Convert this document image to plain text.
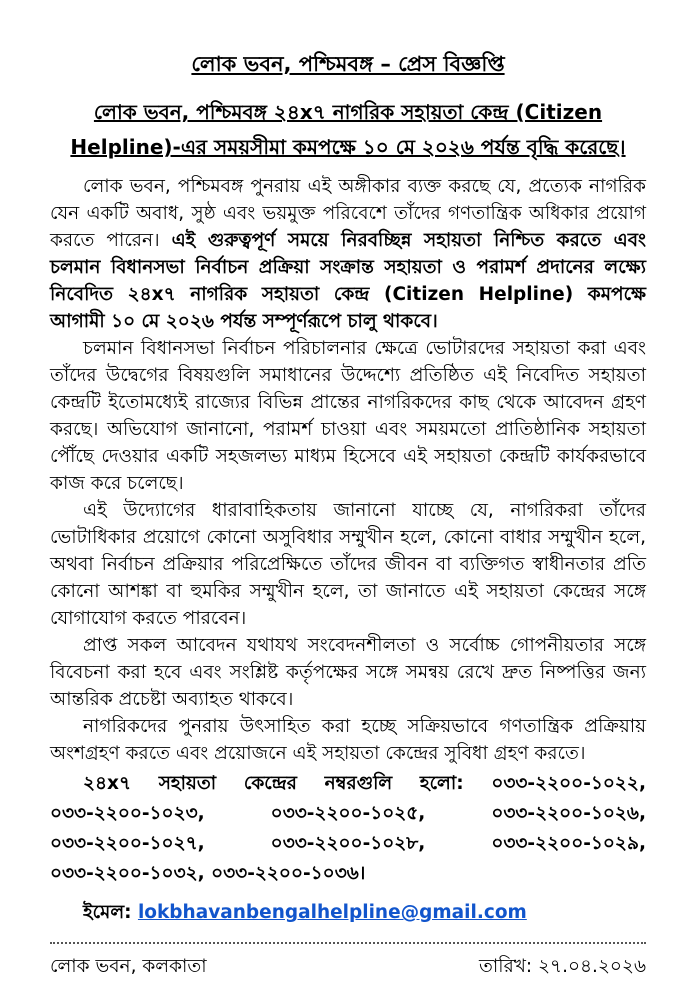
লোক ভবন, পশ্চিমবঙ্গ – প্রেস বিজ্ঞপ্তি
লোক ভবন, পশ্চিমবঙ্গ ২৪x৭ নাগরিক সহায়তা কেন্দ্র (Citizen Helpline)-এর সময়সীমা কমপক্ষে ১০ মে ২০২৬ পর্যন্ত বৃদ্ধি করেছে।
লোক ভবন, পশ্চিমবঙ্গ পুনরায় এই অঙ্গীকার ব্যক্ত করছে যে, প্রত্যেক নাগরিক যেন একটি অবাধ, সুষ্ঠ এবং ভয়মুক্ত পরিবেশে তাঁদের গণতান্ত্রিক অধিকার প্রয়োগ করতে পারেন। এই গুরুত্বপূর্ণ সময়ে নিরবচ্ছিন্ন সহায়তা নিশ্চিত করতে এবং চলমান বিধানসভা নির্বাচন প্রক্রিয়া সংক্রান্ত সহায়তা ও পরামর্শ প্রদানের লক্ষ্যে নিবেদিত ২৪x৭ নাগরিক সহায়তা কেন্দ্র (Citizen Helpline) কমপক্ষে আগামী ১০ মে ২০২৬ পর্যন্ত সম্পূর্ণরূপে চালু থাকবে।
চলমান বিধানসভা নির্বাচন পরিচালনার ক্ষেত্রে ভোটারদের সহায়তা করা এবং তাঁদের উদ্বেগের বিষয়গুলি সমাধানের উদ্দেশ্যে প্রতিষ্ঠিত এই নিবেদিত সহায়তা কেন্দ্রটি ইতোমধ্যেই রাজ্যের বিভিন্ন প্রান্তের নাগরিকদের কাছ থেকে আবেদন গ্রহণ করছে। অভিযোগ জানানো, পরামর্শ চাওয়া এবং সময়মতো প্রাতিষ্ঠানিক সহায়তা পৌঁছে দেওয়ার একটি সহজলভ্য মাধ্যম হিসেবে এই সহায়তা কেন্দ্রটি কার্যকরভাবে কাজ করে চলেছে।
এই উদ্যোগের ধারাবাহিকতায় জানানো যাচ্ছে যে, নাগরিকরা তাঁদের ভোটাধিকার প্রয়োগে কোনো অসুবিধার সম্মুখীন হলে, কোনো বাধার সম্মুখীন হলে, অথবা নির্বাচন প্রক্রিয়ার পরিপ্রেক্ষিতে তাঁদের জীবন বা ব্যক্তিগত স্বাধীনতার প্রতি কোনো আশঙ্কা বা হুমকির সম্মুখীন হলে, তা জানাতে এই সহায়তা কেন্দ্রের সঙ্গে যোগাযোগ করতে পারবেন।
প্রাপ্ত সকল আবেদন যথাযথ সংবেদনশীলতা ও সর্বোচ্চ গোপনীয়তার সঙ্গে বিবেচনা করা হবে এবং সংশ্লিষ্ট কর্তৃপক্ষের সঙ্গে সমন্বয় রেখে দ্রুত নিষ্পত্তির জন্য আন্তরিক প্রচেষ্টা অব্যাহত থাকবে।
নাগরিকদের পুনরায় উৎসাহিত করা হচ্ছে সক্রিয়ভাবে গণতান্ত্রিক প্রক্রিয়ায় অংশগ্রহণ করতে এবং প্রয়োজনে এই সহায়তা কেন্দ্রের সুবিধা গ্রহণ করতে।
২৪x৭ সহায়তা কেন্দ্রের নম্বরগুলি হলো: ০৩৩-২২০০-১০২২, ০৩৩-২২০০-১০২৩, ০৩৩-২২০০-১০২৫, ০৩৩-২২০০-১০২৬, ০৩৩-২২০০-১০২৭, ০৩৩-২২০০-১০২৮, ০৩৩-২২০০-১০২৯, ০৩৩-২২০০-১০৩২, ০৩৩-২২০০-১০৩৬।
ইমেল: lokbhavanbengalhelpline@gmail.com
লোক ভবন, কলকাতা	তারিখ: ২৭.০৪.২০২৬
